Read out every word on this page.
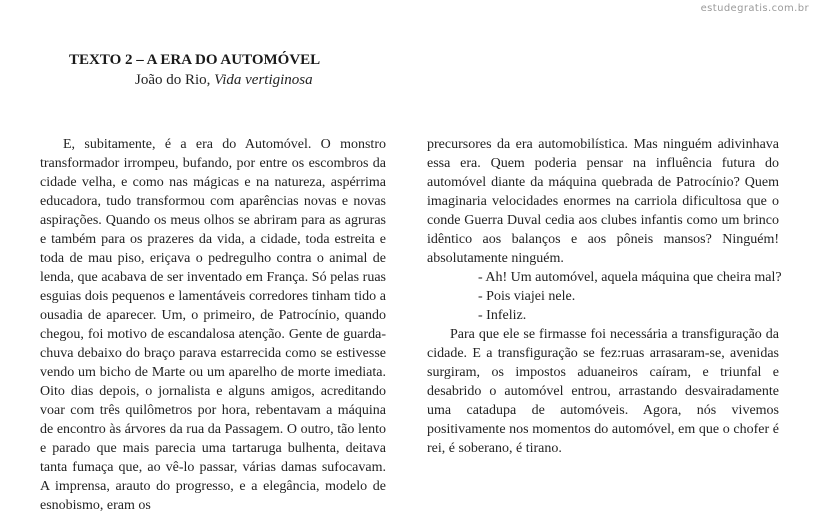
estudegratis.com.br
TEXTO 2 – A ERA DO AUTOMÓVEL
João do Rio, Vida vertiginosa

E, subitamente, é a era do Automóvel. O monstro transformador irrompeu, bufando, por entre os escombros da cidade velha, e como nas mágicas e na natureza, aspérrima educadora, tudo transformou com aparências novas e novas aspirações. Quando os meus olhos se abriram para as agruras e também para os prazeres da vida, a cidade, toda estreita e toda de mau piso, eriçava o pedregulho contra o animal de lenda, que acabava de ser inventado em França. Só pelas ruas esguias dois pequenos e lamentáveis corredores tinham tido a ousadia de aparecer. Um, o primeiro, de Patrocínio, quando chegou, foi motivo de escandalosa atenção. Gente de guarda-chuva debaixo do braço parava estarrecida como se estivesse vendo um bicho de Marte ou um aparelho de morte imediata. Oito dias depois, o jornalista e alguns amigos, acreditando voar com três quilômetros por hora, rebentavam a máquina de encontro às árvores da rua da Passagem. O outro, tão lento e parado que mais parecia uma tartaruga bulhenta, deitava tanta fumaça que, ao vê-lo passar, várias damas sufocavam. A imprensa, arauto do progresso, e a elegância, modelo de esnobismo, eram os

precursores da era automobilística. Mas ninguém adivinhava essa era. Quem poderia pensar na influência futura do automóvel diante da máquina quebrada de Patrocínio? Quem imaginaria velocidades enormes na carriola dificultosa que o conde Guerra Duval cedia aos clubes infantis como um brinco idêntico aos balanços e aos pôneis mansos? Ninguém! absolutamente ninguém.

- Ah! Um automóvel, aquela máquina que cheira mal?

- Pois viajei nele.

- Infeliz.

Para que ele se firmasse foi necessária a transfiguração da cidade. E a transfiguração se fez:ruas arrasaram-se, avenidas surgiram, os impostos aduaneiros caíram, e triunfal e desabrido o automóvel entrou, arrastando desvairadamente uma catadupa de automóveis. Agora, nós vivemos positivamente nos momentos do automóvel, em que o chofer é rei, é soberano, é tirano.
